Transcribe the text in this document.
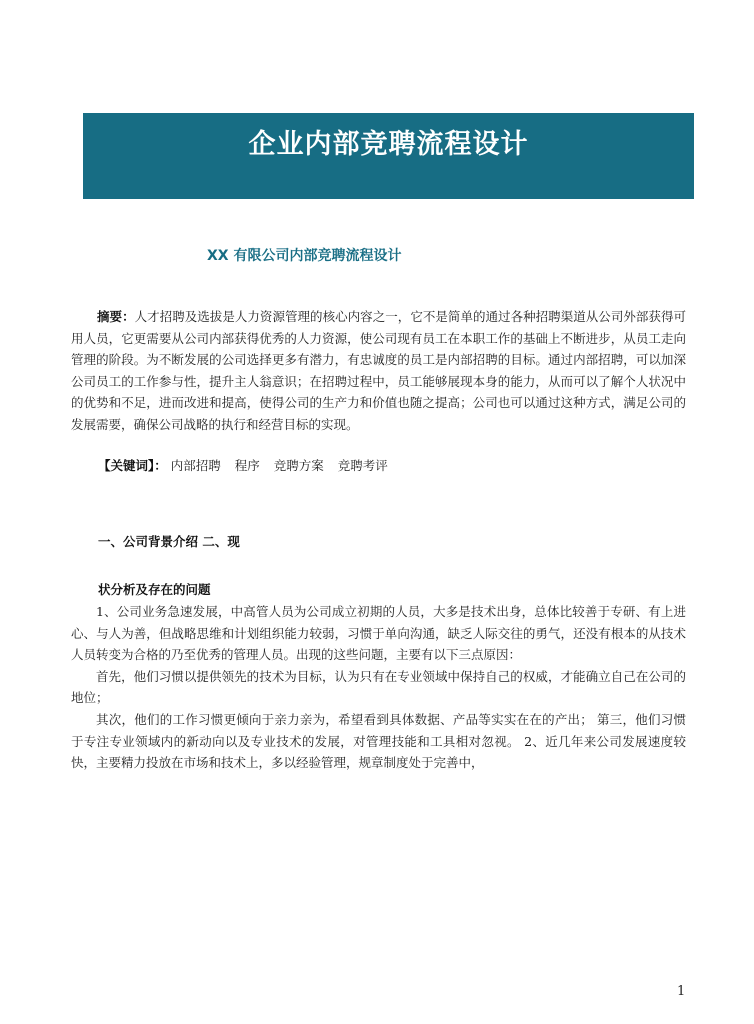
企业内部竞聘流程设计
XX 有限公司内部竞聘流程设计
摘要：人才招聘及选拔是人力资源管理的核心内容之一，它不是简单的通过各种招聘渠道从公司外部获得可用人员，它更需要从公司内部获得优秀的人力资源，使公司现有员工在本职工作的基础上不断进步，从员工走向管理的阶段。为不断发展的公司选择更多有潜力，有忠诚度的员工是内部招聘的目标。通过内部招聘，可以加深公司员工的工作参与性，提升主人翁意识；在招聘过程中，员工能够展现本身的能力，从而可以了解个人状况中的优势和不足，进而改进和提高，使得公司的生产力和价值也随之提高；公司也可以通过这种方式，满足公司的发展需要，确保公司战略的执行和经营目标的实现。
【关键词】： 内部招聘 程序 竞聘方案 竞聘考评
一、公司背景介绍 二、现
状分析及存在的问题

1、公司业务急速发展，中高管人员为公司成立初期的人员，大多是技术出身，总体比较善于专研、有上进心、与人为善，但战略思维和计划组织能力较弱，习惯于单向沟通，缺乏人际交往的勇气，还没有根本的从技术人员转变为合格的乃至优秀的管理人员。出现的这些问题，主要有以下三点原因：

首先，他们习惯以提供领先的技术为目标，认为只有在专业领域中保持自己的权威，才能确立自己在公司的地位；

其次，他们的工作习惯更倾向于亲力亲为，希望看到具体数据、产品等实实在在的产出； 第三，他们习惯于专注专业领域内的新动向以及专业技术的发展，对管理技能和工具相对忽视。 2、近几年来公司发展速度较快，主要精力投放在市场和技术上，多以经验管理，规章制度处于完善中，

1
